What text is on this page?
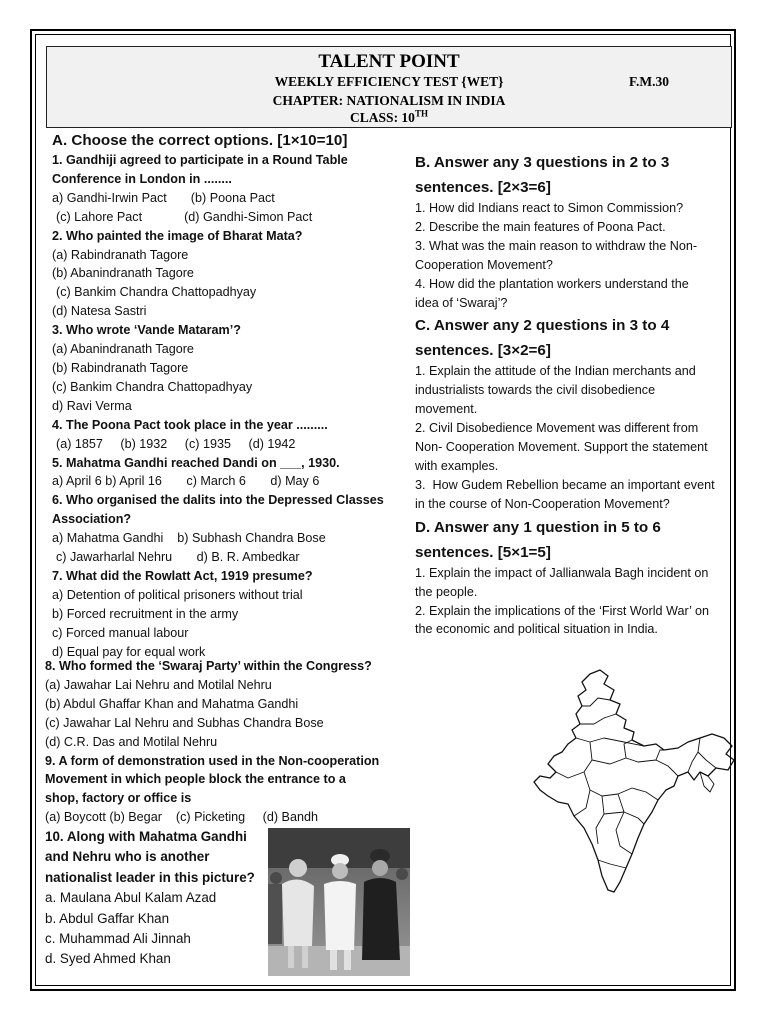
TALENT POINT
WEEKLY EFFICIENCY TEST {WET}	F.M.30
CHAPTER: NATIONALISM IN INDIA
CLASS: 10TH
A. Choose the correct options. [1×10=10]
1. Gandhiji agreed to participate in a Round Table
Conference in London in ........
a) Gandhi-Irwin Pact (b) Poona Pact
(c) Lahore Pact	(d) Gandhi-Simon Pact
2. Who painted the image of Bharat Mata?
(a) Rabindranath Tagore
(b) Abanindranath Tagore
(c) Bankim Chandra Chattopadhyay
(d) Natesa Sastri
3. Who wrote ‘Vande Mataram’?
(a) Abanindranath Tagore
(b) Rabindranath Tagore
(c) Bankim Chandra Chattopadhyay
d) Ravi Verma
4. The Poona Pact took place in the year .........
(a) 1857     (b) 1932     (c) 1935     (d) 1942
5. Mahatma Gandhi reached Dandi on ___, 1930.
a) April 6 b) April 16       c) March 6       d) May 6
6. Who organised the dalits into the Depressed Classes
Association?
a) Mahatma Gandhi    b) Subhash Chandra Bose
c) Jawarharlal Nehru       d) B. R. Ambedkar
7. What did the Rowlatt Act, 1919 presume?
a) Detention of political prisoners without trial
b) Forced recruitment in the army
c) Forced manual labour
d) Equal pay for equal work
8. Who formed the ‘Swaraj Party’ within the Congress?
(a) Jawahar Lai Nehru and Motilal Nehru
(b) Abdul Ghaffar Khan and Mahatma Gandhi
(c) Jawahar Lal Nehru and Subhas Chandra Bose
(d) C.R. Das and Motilal Nehru
9. A form of demonstration used in the Non-cooperation
Movement in which people block the entrance to a
shop, factory or office is
(a) Boycott (b) Begar    (c) Picketing     (d) Bandh
10. Along with Mahatma Gandhi
and Nehru who is another
nationalist leader in this picture?
a. Maulana Abul Kalam Azad
b. Abdul Gaffar Khan
c. Muhammad Ali Jinnah
d. Syed Ahmed Khan
B. Answer any 3 questions in 2 to 3
sentences. [2×3=6]
1. How did Indians react to Simon Commission?
2. Describe the main features of Poona Pact.
3. What was the main reason to withdraw the Non-
Cooperation Movement?
4. How did the plantation workers understand the
idea of ‘Swaraj’?
C. Answer any 2 questions in 3 to 4
sentences. [3×2=6]
1. Explain the attitude of the Indian merchants and
industrialists towards the civil disobedience
movement.
2. Civil Disobedience Movement was different from
Non- Cooperation Movement. Support the statement
with examples.
3.  How Gudem Rebellion became an important event
in the course of Non-Cooperation Movement?
D. Answer any 1 question in 5 to 6
sentences. [5×1=5]
1. Explain the impact of Jallianwala Bagh incident on
the people.
2. Explain the implications of the ‘First World War’ on
the economic and political situation in India.
